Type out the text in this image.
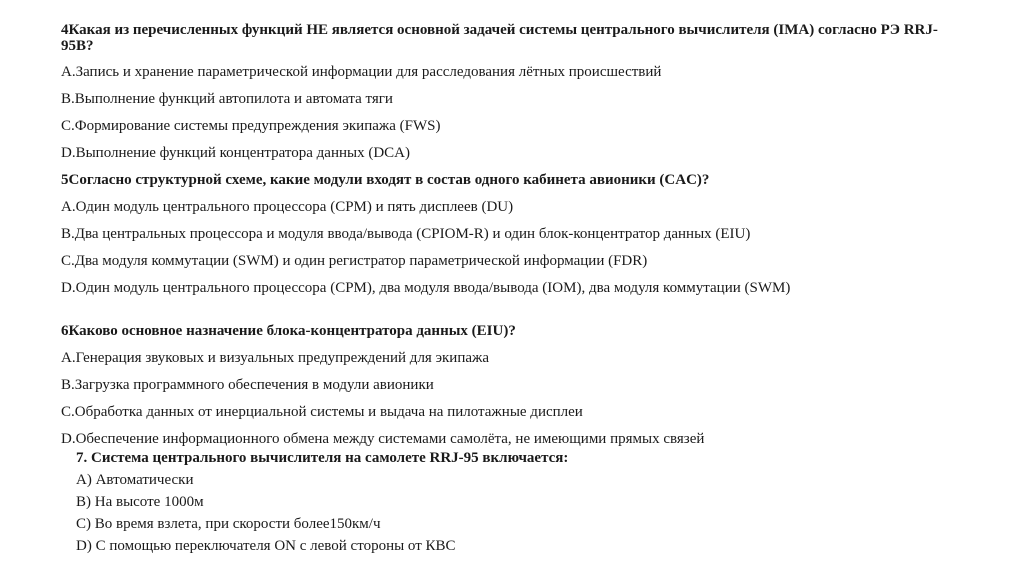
4Какая из перечисленных функций НЕ является основной задачей системы центрального вычислителя (IMA) согласно РЭ RRJ-95B?
A.Запись и хранение параметрической информации для расследования лётных происшествий
B.Выполнение функций автопилота и автомата тяги
C.Формирование системы предупреждения экипажа (FWS)
D.Выполнение функций концентратора данных (DCA)
5Согласно структурной схеме, какие модули входят в состав одного кабинета авионики (CAC)?
A.Один модуль центрального процессора (CPM) и пять дисплеев (DU)
B.Два центральных процессора и модуля ввода/вывода (CPIOM-R) и один блок-концентратор данных (EIU)
C.Два модуля коммутации (SWM) и один регистратор параметрической информации (FDR)
D.Один модуль центрального процессора (CPM), два модуля ввода/вывода (IOM), два модуля коммутации (SWM)
6Каково основное назначение блока-концентратора данных (EIU)?
A.Генерация звуковых и визуальных предупреждений для экипажа
B.Загрузка программного обеспечения в модули авионики
C.Обработка данных от инерциальной системы и выдача на пилотажные дисплеи
D.Обеспечение информационного обмена между системами самолёта, не имеющими прямых связей
7. Система центрального вычислителя на самолете RRJ-95 включается:
A) Автоматически
B) На высоте 1000м
C) Во время взлета, при скорости более150км/ч
D) С помощью переключателя ON с левой стороны от КВС
